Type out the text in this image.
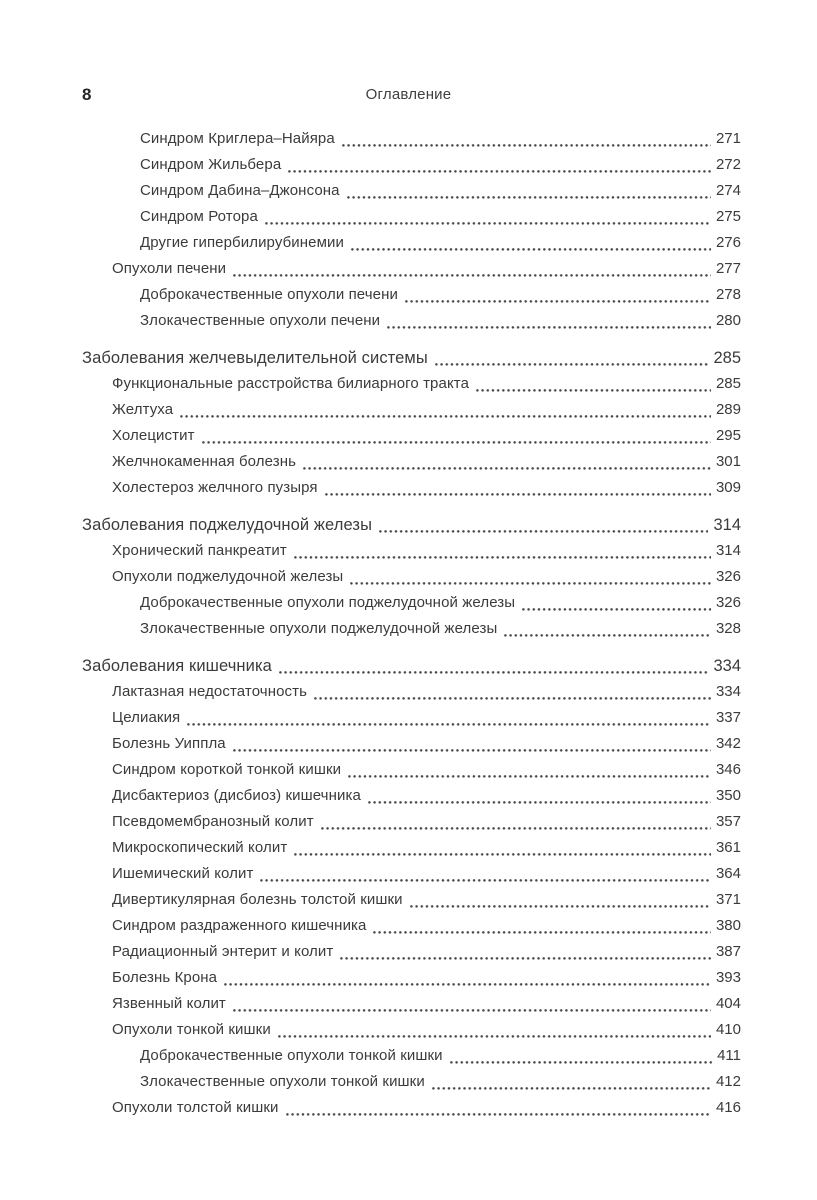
8	Оглавление
Синдром Криглера–Найяра	271
Синдром Жильбера	272
Синдром Дабина–Джонсона	274
Синдром Ротора	275
Другие гипербилирубинемии	276
Опухоли печени	277
Доброкачественные опухоли печени	278
Злокачественные опухоли печени	280
Заболевания желчевыделительной системы	285
Функциональные расстройства билиарного тракта	285
Желтуха	289
Холецистит	295
Желчнокаменная болезнь	301
Холестероз желчного пузыря	309
Заболевания поджелудочной железы	314
Хронический панкреатит	314
Опухоли поджелудочной железы	326
Доброкачественные опухоли поджелудочной железы	326
Злокачественные опухоли поджелудочной железы	328
Заболевания кишечника	334
Лактазная недостаточность	334
Целиакия	337
Болезнь Уиппла	342
Синдром короткой тонкой кишки	346
Дисбактериоз (дисбиоз) кишечника	350
Псевдомембранозный колит	357
Микроскопический колит	361
Ишемический колит	364
Дивертикулярная болезнь толстой кишки	371
Синдром раздраженного кишечника	380
Радиационный энтерит и колит	387
Болезнь Крона	393
Язвенный колит	404
Опухоли тонкой кишки	410
Доброкачественные опухоли тонкой кишки	411
Злокачественные опухоли тонкой кишки	412
Опухоли толстой кишки	416
